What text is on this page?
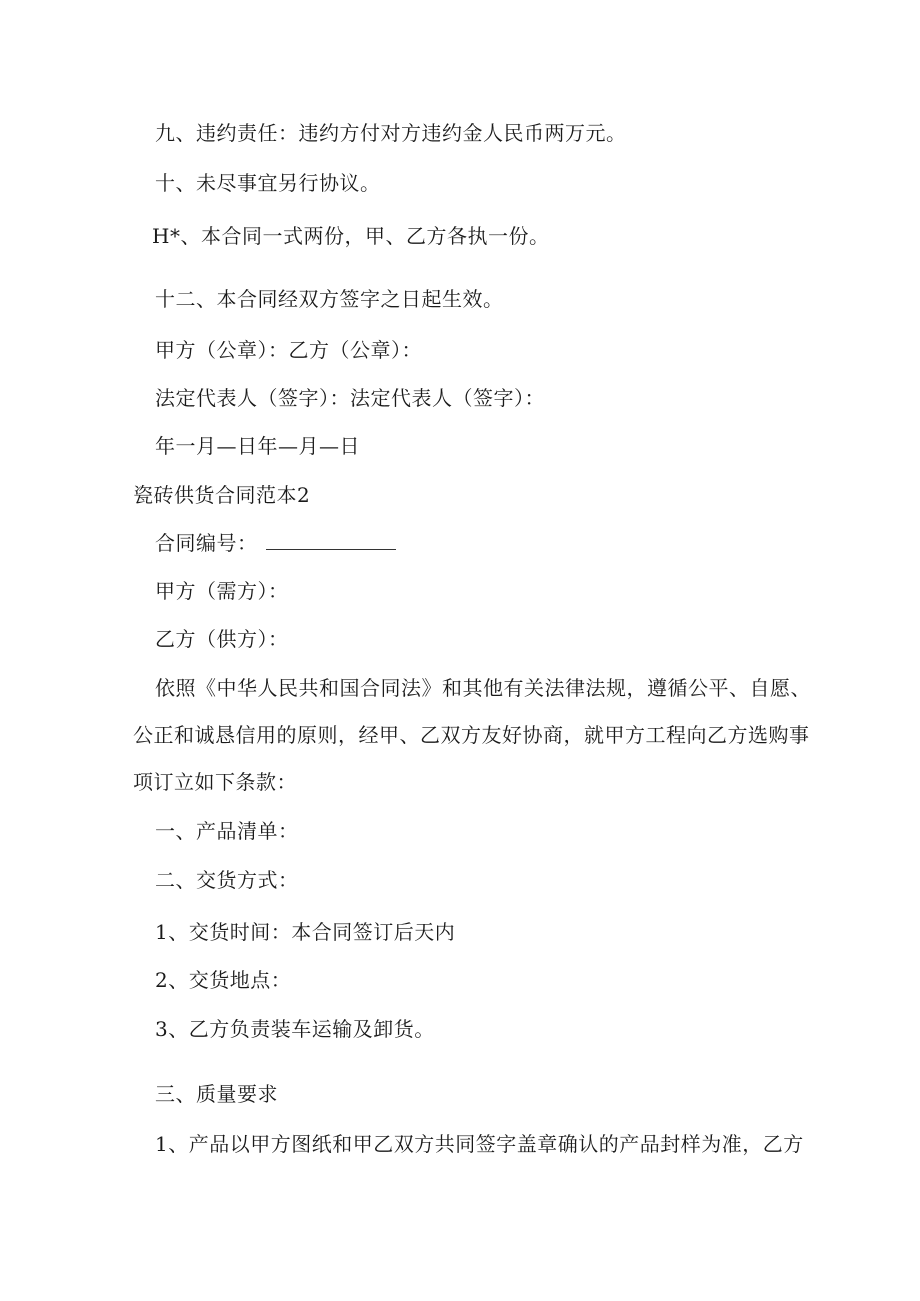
九、违约责任：违约方付对方违约金人民币两万元。
十、未尽事宜另行协议。
H*、本合同一式两份，甲、乙方各执一份。
十二、本合同经双方签字之日起生效。
甲方（公章）：乙方（公章）：
法定代表人（签字）：法定代表人（签字）：
年一月—日年—月—日
瓷砖供货合同范本2
合同编号：
甲方（需方）：
乙方（供方）：
依照《中华人民共和国合同法》和其他有关法律法规，遵循公平、自愿、
公正和诚恳信用的原则，经甲、乙双方友好协商，就甲方工程向乙方选购事
项订立如下条款：
一、产品清单：
二、交货方式：
1、交货时间：本合同签订后天内
2、交货地点：
3、乙方负责装车运输及卸货。
三、质量要求
1、产品以甲方图纸和甲乙双方共同签字盖章确认的产品封样为准，乙方
